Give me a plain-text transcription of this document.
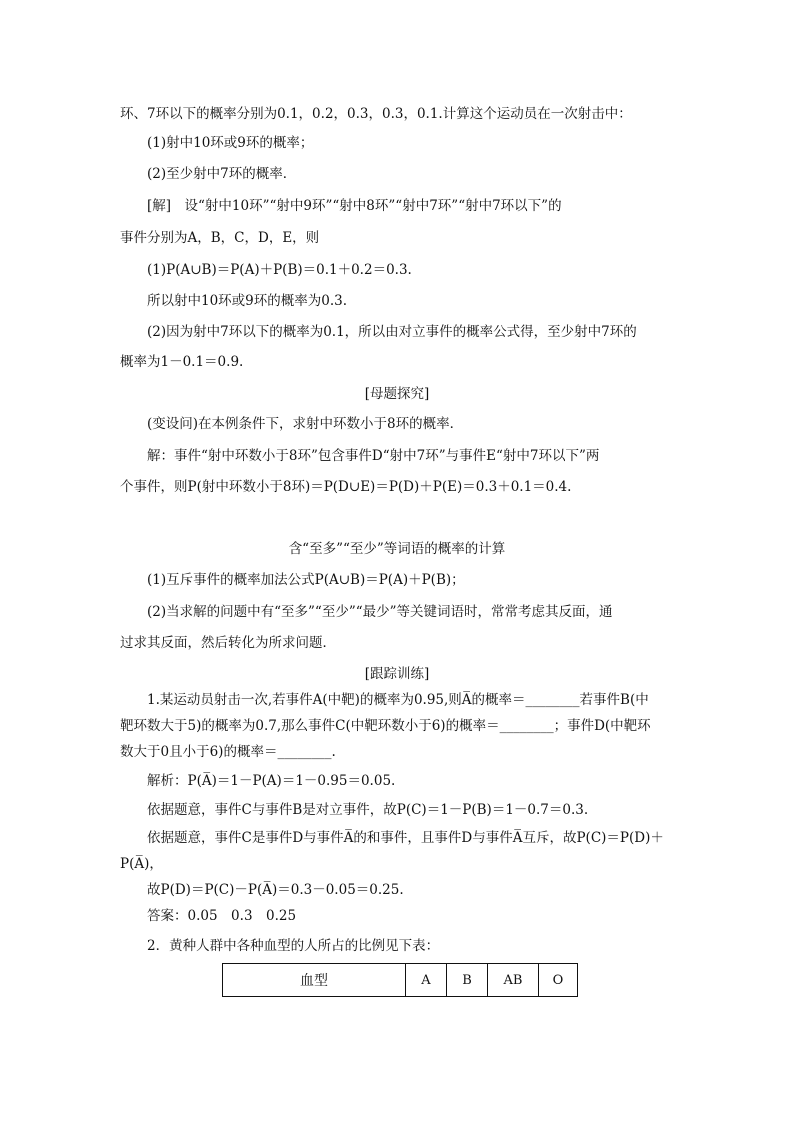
环、7环以下的概率分别为0.1，0.2，0.3，0.3，0.1.计算这个运动员在一次射击中：
(1)射中10环或9环的概率；
(2)至少射中7环的概率．
[解]　设“射中10环”“射中9环”“射中8环”“射中7环”“射中7环以下”的
事件分别为A，B，C，D，E，则
(1)P(A∪B)＝P(A)＋P(B)＝0.1＋0.2＝0.3.
所以射中10环或9环的概率为0.3.
(2)因为射中7环以下的概率为0.1，所以由对立事件的概率公式得，至少射中7环的
概率为1－0.1＝0.9.
[母题探究]
(变设问)在本例条件下，求射中环数小于8环的概率．
解：事件“射中环数小于8环”包含事件D“射中7环”与事件E“射中7环以下”两
个事件，则P(射中环数小于8环)＝P(D∪E)＝P(D)＋P(E)＝0.3＋0.1＝0.4.
含“至多”“至少”等词语的概率的计算
(1)互斥事件的概率加法公式P(A∪B)＝P(A)＋P(B)；
(2)当求解的问题中有“至多”“至少”“最少”等关键词语时，常常考虑其反面，通
过求其反面，然后转化为所求问题．
[跟踪训练]
1.某运动员射击一次,若事件A(中靶)的概率为0.95,则A̅的概率＝________若事件B(中
靶环数大于5)的概率为0.7,那么事件C(中靶环数小于6)的概率＝________；事件D(中靶环
数大于0且小于6)的概率＝________.
解析：P(A̅)＝1－P(A)＝1－0.95＝0.05.
依据题意，事件C与事件B是对立事件，故P(C)＝1－P(B)＝1－0.7＝0.3.
依据题意，事件C是事件D与事件A̅的和事件，且事件D与事件A̅互斥，故P(C)＝P(D)＋
P(A̅)，
故P(D)＝P(C)－P(A̅)＝0.3－0.05＝0.25.
答案：0.05　0.3　0.25
2．黄种人群中各种血型的人所占的比例见下表：
血型	A	B	AB	O
